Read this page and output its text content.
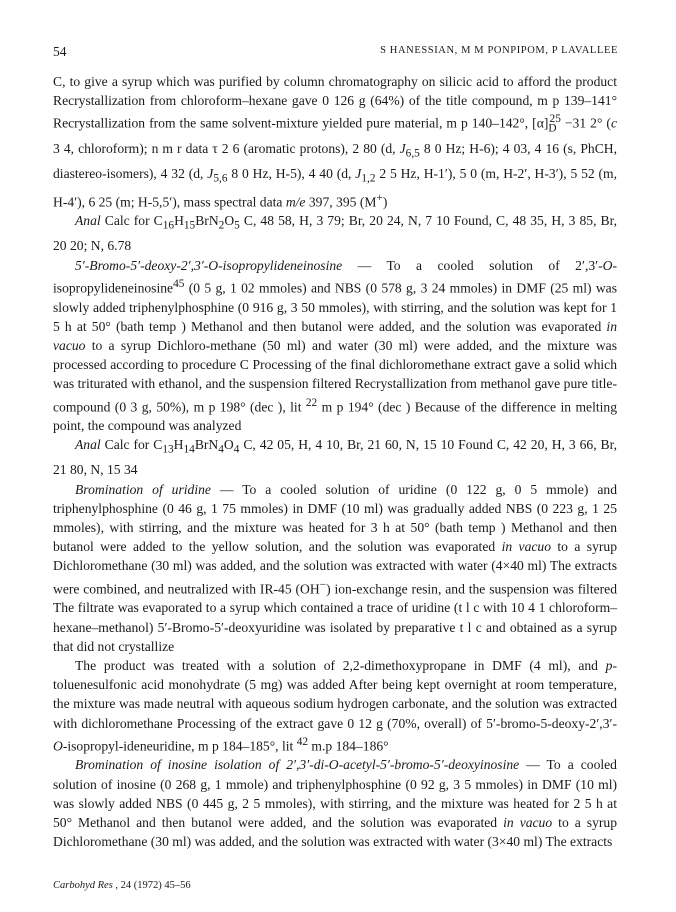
54	S HANESSIAN, M M PONPIPOM, P LAVALLEE

C, to give a syrup which was purified by column chromatography on silicic acid to afford the product Recrystallization from chloroform–hexane gave 0 126 g (64%) of the title compound, m p 139–141° Recrystallization from the same solvent-mixture yielded pure material, m p 140–142°, $[\alpha]_D^{25} -31$ 2° (c 3 4, chloroform); n m r data τ 2 6 (aromatic protons), 2 80 (d, $J_{6,5}$ 8 0 Hz; H-6); 4 03, 4 16 (s, PhCH, diastereo-isomers), 4 32 (d, $J_{5,6}$ 8 0 Hz, H-5), 4 40 (d, $J_{1,2}$ 2 5 Hz, H-1′), 5 0 (m, H-2′, H-3′), 5 52 (m, H-4′), 6 25 (m; H-5,5′), mass spectral data m/e 397, 395 (M+)

Anal Calc for $C_{16}H_{15}BrN_2O_5$ C, 48 58, H, 3 79; Br, 20 24, N, 7 10 Found, C, 48 35, H, 3 85, Br, 20 20; N, 6.78

5′-Bromo-5′-deoxy-2′,3′-O-isopropylideneinosine — To a cooled solution of 2′,3′-O-isopropylideneinosine$^{45}$ (0 5 g, 1 02 mmoles) and NBS (0 578 g, 3 24 mmoles) in DMF (25 ml) was slowly added triphenylphosphine (0 916 g, 3 50 mmoles), with stirring, and the solution was kept for 1 5 h at 50° (bath temp ) Methanol and then butanol were added, and the solution was evaporated in vacuo to a syrup Dichloro-methane (50 ml) and water (30 ml) were added, and the mixture was processed according to procedure C Processing of the final dichloromethane extract gave a solid which was triturated with ethanol, and the suspension filtered Recrystallization from methanol gave pure title-compound (0 3 g, 50%), m p 198° (dec ), lit $^{22}$ m p 194° (dec ) Because of the difference in melting point, the compound was analyzed

Anal Calc for $C_{13}H_{14}BrN_4O_4$ C, 42 05, H, 4 10, Br, 21 60, N, 15 10 Found C, 42 20, H, 3 66, Br, 21 80, N, 15 34

Bromination of uridine — To a cooled solution of uridine (0 122 g, 0 5 mmole) and triphenylphosphine (0 46 g, 1 75 mmoles) in DMF (10 ml) was gradually added NBS (0 223 g, 1 25 mmoles), with stirring, and the mixture was heated for 3 h at 50° (bath temp ) Methanol and then butanol were added to the yellow solution, and the solution was evaporated in vacuo to a syrup Dichloromethane (30 ml) was added, and the solution was extracted with water (4×40 ml) The extracts were combined, and neutralized with IR-45 (OH−) ion-exchange resin, and the suspension was filtered The filtrate was evaporated to a syrup which contained a trace of uridine (t l c with 10 4 1 chloroform–hexane–methanol) 5′-Bromo-5′-deoxyuridine was isolated by preparative t l c and obtained as a syrup that did not crystallize

The product was treated with a solution of 2,2-dimethoxypropane in DMF (4 ml), and p-toluenesulfonic acid monohydrate (5 mg) was added After being kept overnight at room temperature, the mixture was made neutral with aqueous sodium hydrogen carbonate, and the solution was extracted with dichloromethane Processing of the extract gave 0 12 g (70%, overall) of 5′-bromo-5-deoxy-2′,3′-O-isopropyl-ideneuridine, m p 184–185°, lit $^{42}$ m.p 184–186°

Bromination of inosine isolation of 2′,3′-di-O-acetyl-5′-bromo-5′-deoxyinosine — To a cooled solution of inosine (0 268 g, 1 mmole) and triphenylphosphine (0 92 g, 3 5 mmoles) in DMF (10 ml) was slowly added NBS (0 445 g, 2 5 mmoles), with stirring, and the mixture was heated for 2 5 h at 50° Methanol and then butanol were added, and the solution was evaporated in vacuo to a syrup Dichloromethane (30 ml) was added, and the solution was extracted with water (3×40 ml) The extracts

Carbohyd Res , 24 (1972) 45–56
